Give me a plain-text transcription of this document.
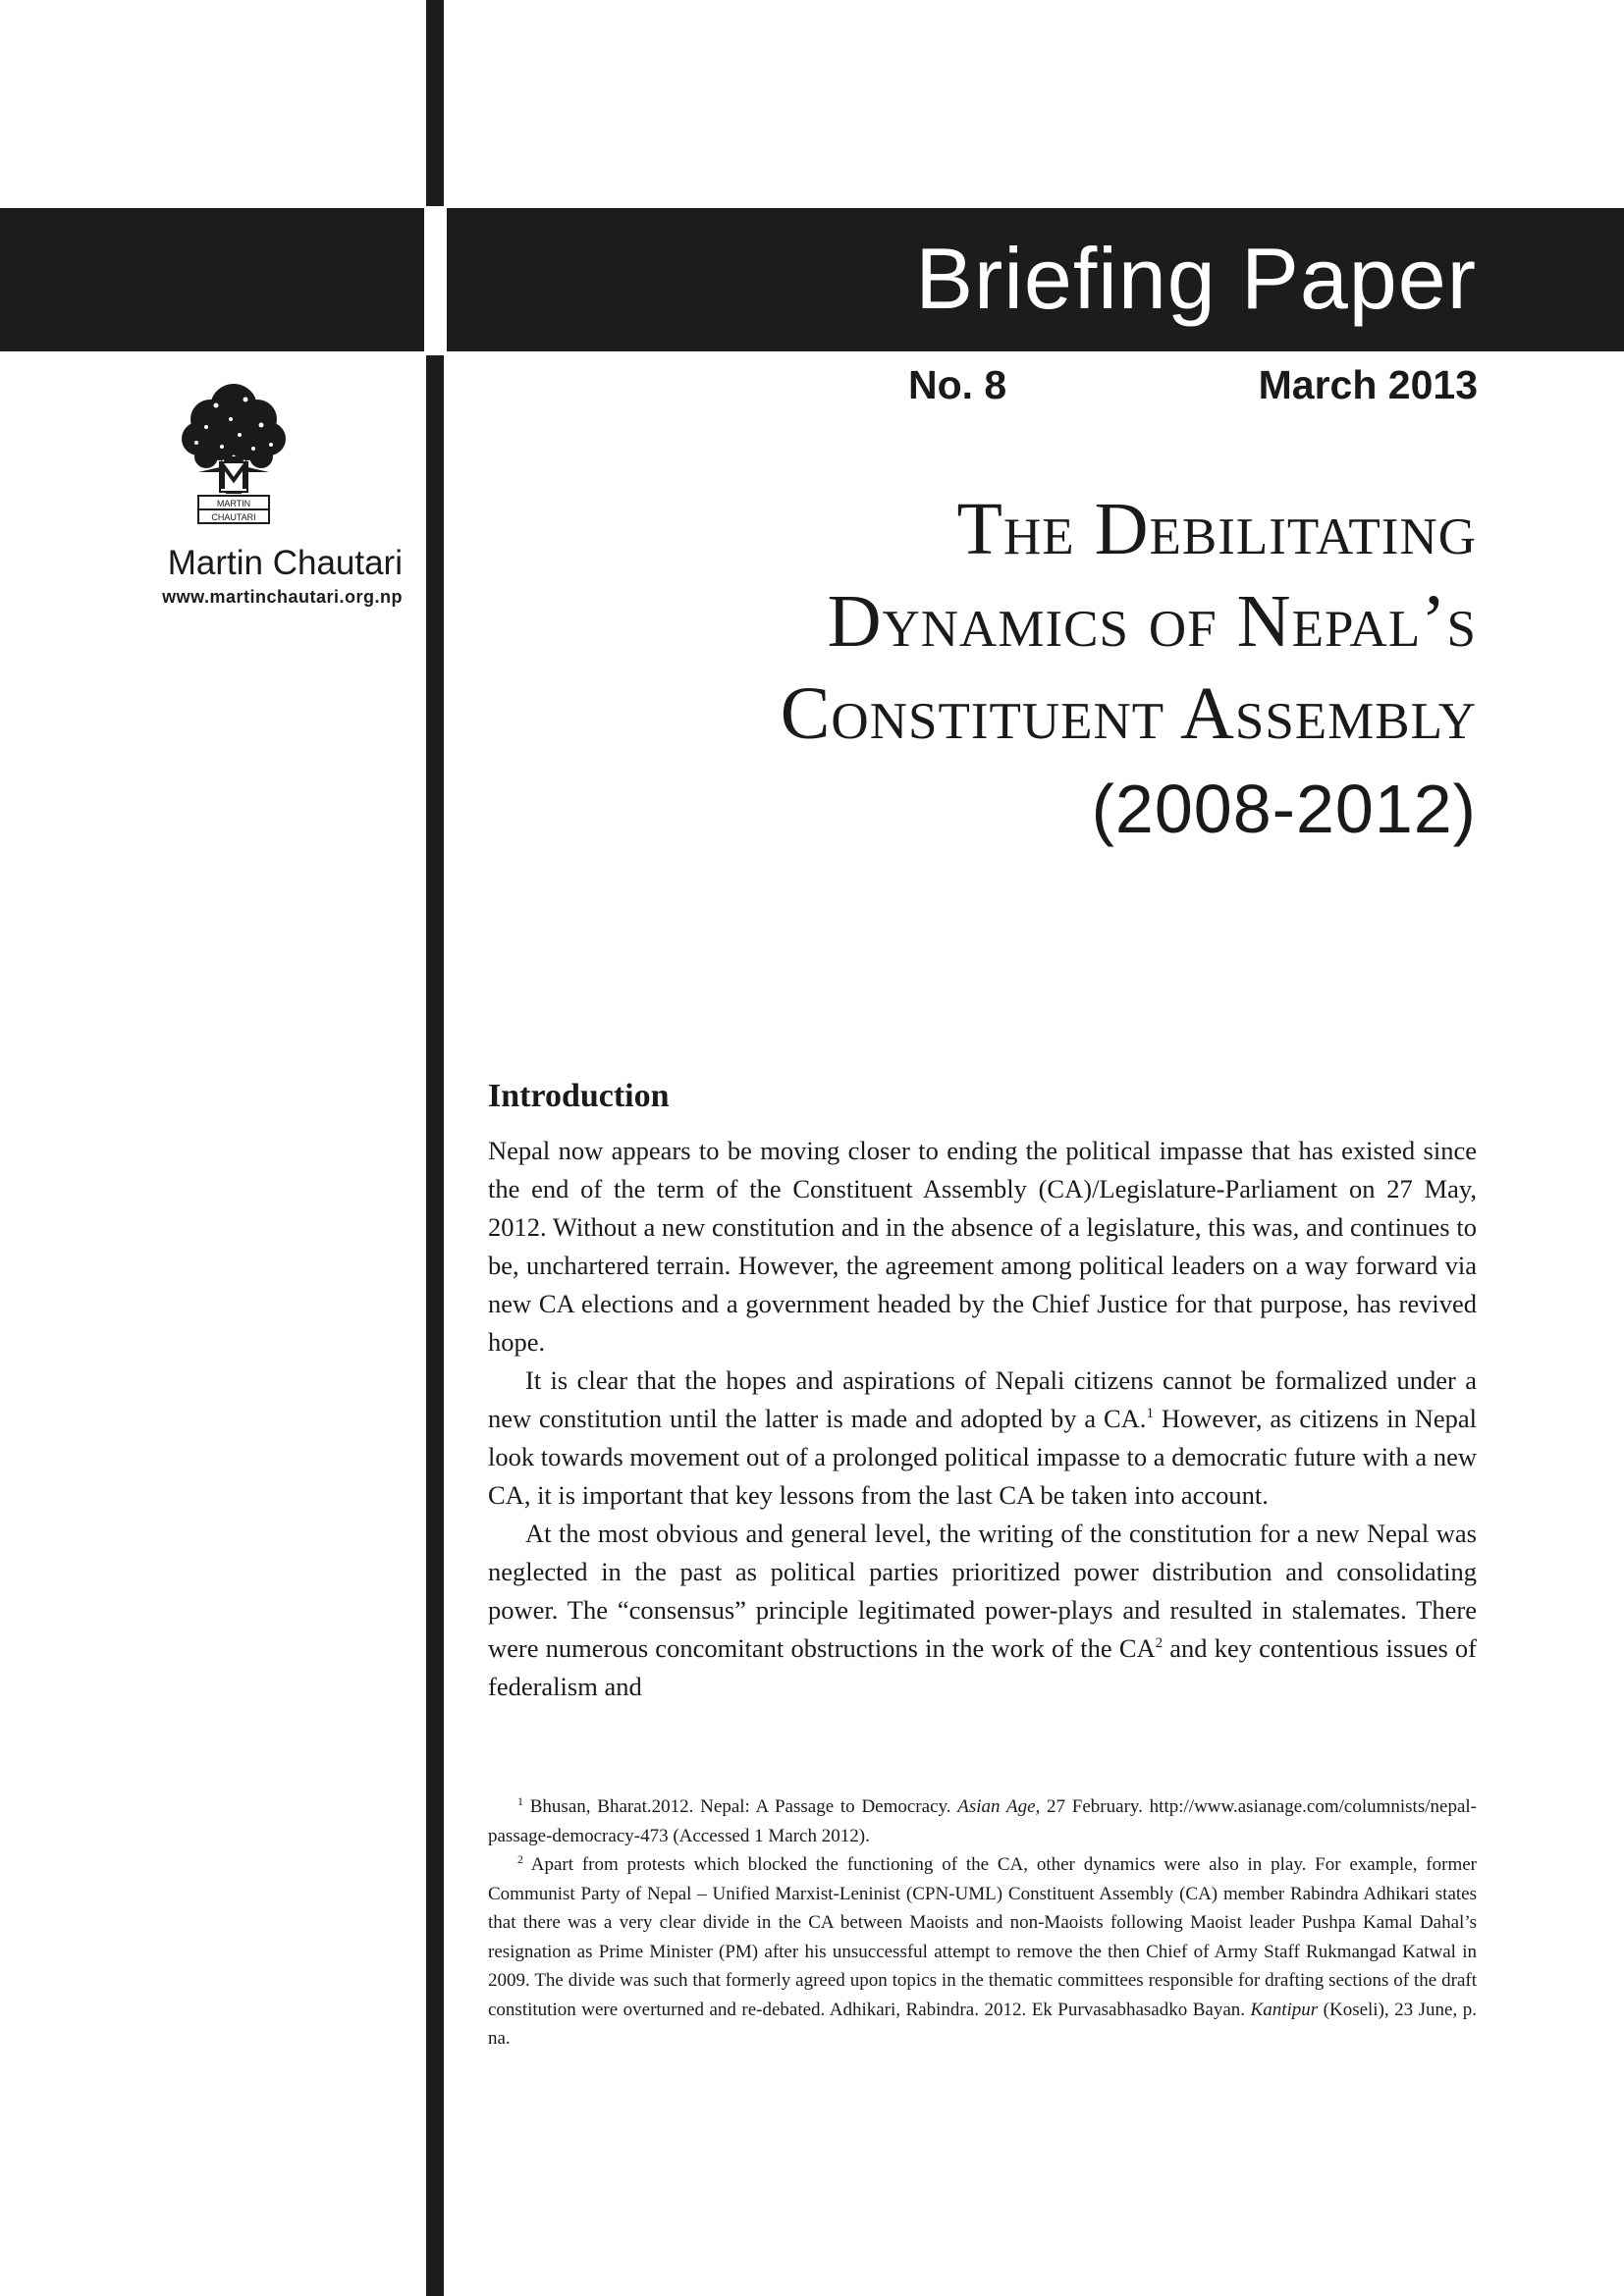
Briefing Paper
No. 8	March 2013
MARTIN
CHAUTARI
Martin Chautari
www.martinchautari.org.np
The Debilitating
Dynamics of Nepal’s
Constituent Assembly
(2008-2012)
Introduction

Nepal now appears to be moving closer to ending the political impasse that has existed since the end of the term of the Constituent Assembly (CA)/Legislature-Parliament on 27 May, 2012. Without a new constitution and in the absence of a legislature, this was, and continues to be, unchartered terrain. However, the agreement among political leaders on a way forward via new CA elections and a government headed by the Chief Justice for that purpose, has revived hope.

It is clear that the hopes and aspirations of Nepali citizens cannot be formalized under a new constitution until the latter is made and adopted by a CA.$^1$ However, as citizens in Nepal look towards movement out of a prolonged political impasse to a democratic future with a new CA, it is important that key lessons from the last CA be taken into account.

At the most obvious and general level, the writing of the constitution for a new Nepal was neglected in the past as political parties prioritized power distribution and consolidating power. The “consensus” principle legitimated power-plays and resulted in stalemates. There were numerous concomitant obstructions in the work of the $CA^2$ and key contentious issues of federalism and

$^1$ Bhusan, Bharat.2012. Nepal: A Passage to Democracy. Asian Age, 27 February. http://www.asianage.com/columnists/nepal-passage-democracy-473 (Accessed 1 March 2012).

$^2$ Apart from protests which blocked the functioning of the CA, other dynamics were also in play. For example, former Communist Party of Nepal – Unified Marxist-Leninist (CPN-UML) Constituent Assembly (CA) member Rabindra Adhikari states that there was a very clear divide in the CA between Maoists and non-Maoists following Maoist leader Pushpa Kamal Dahal’s resignation as Prime Minister (PM) after his unsuccessful attempt to remove the then Chief of Army Staff Rukmangad Katwal in 2009. The divide was such that formerly agreed upon topics in the thematic committees responsible for drafting sections of the draft constitution were overturned and re-debated. Adhikari, Rabindra. 2012. Ek Purvasabhasadko Bayan. Kantipur (Koseli), 23 June, p. na.
